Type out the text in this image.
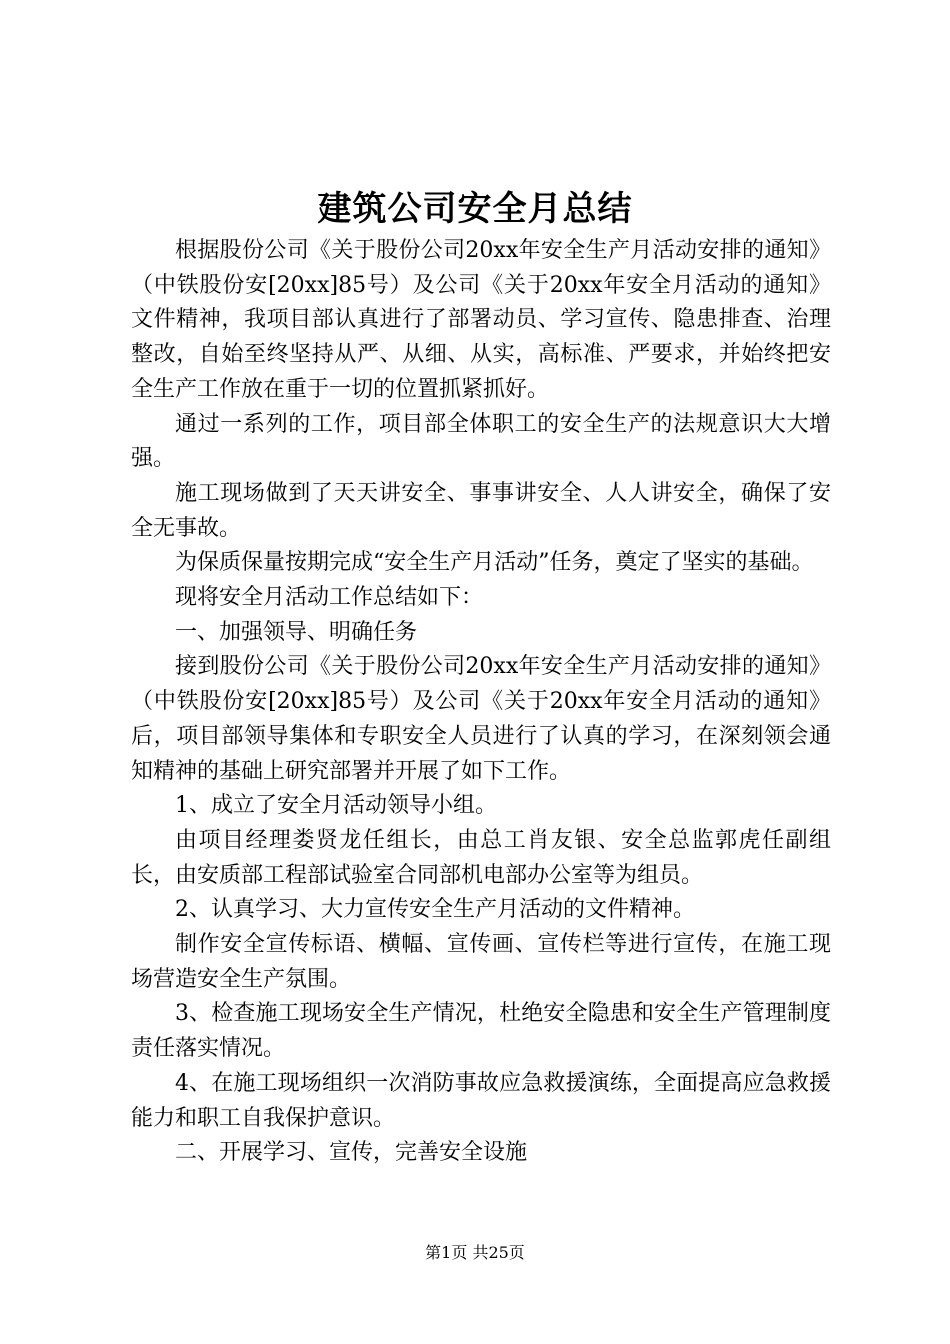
建筑公司安全月总结

根据股份公司《关于股份公司20xx年安全生产月活动安排的通知》（中铁股份安[20xx]85号）及公司《关于20xx年安全月活动的通知》文件精神，我项目部认真进行了部署动员、学习宣传、隐患排查、治理整改，自始至终坚持从严、从细、从实，高标准、严要求，并始终把安全生产工作放在重于一切的位置抓紧抓好。

通过一系列的工作，项目部全体职工的安全生产的法规意识大大增强。

施工现场做到了天天讲安全、事事讲安全、人人讲安全，确保了安全无事故。

为保质保量按期完成“安全生产月活动”任务，奠定了坚实的基础。

现将安全月活动工作总结如下：

一、加强领导、明确任务

接到股份公司《关于股份公司20xx年安全生产月活动安排的通知》（中铁股份安[20xx]85号）及公司《关于20xx年安全月活动的通知》后，项目部领导集体和专职安全人员进行了认真的学习，在深刻领会通知精神的基础上研究部署并开展了如下工作。

1、成立了安全月活动领导小组。

由项目经理娄贤龙任组长，由总工肖友银、安全总监郭虎任副组长，由安质部工程部试验室合同部机电部办公室等为组员。

2、认真学习、大力宣传安全生产月活动的文件精神。

制作安全宣传标语、横幅、宣传画、宣传栏等进行宣传，在施工现场营造安全生产氛围。

3、检查施工现场安全生产情况，杜绝安全隐患和安全生产管理制度责任落实情况。

4、在施工现场组织一次消防事故应急救援演练，全面提高应急救援能力和职工自我保护意识。

二、开展学习、宣传，完善安全设施

第1页 共25页
